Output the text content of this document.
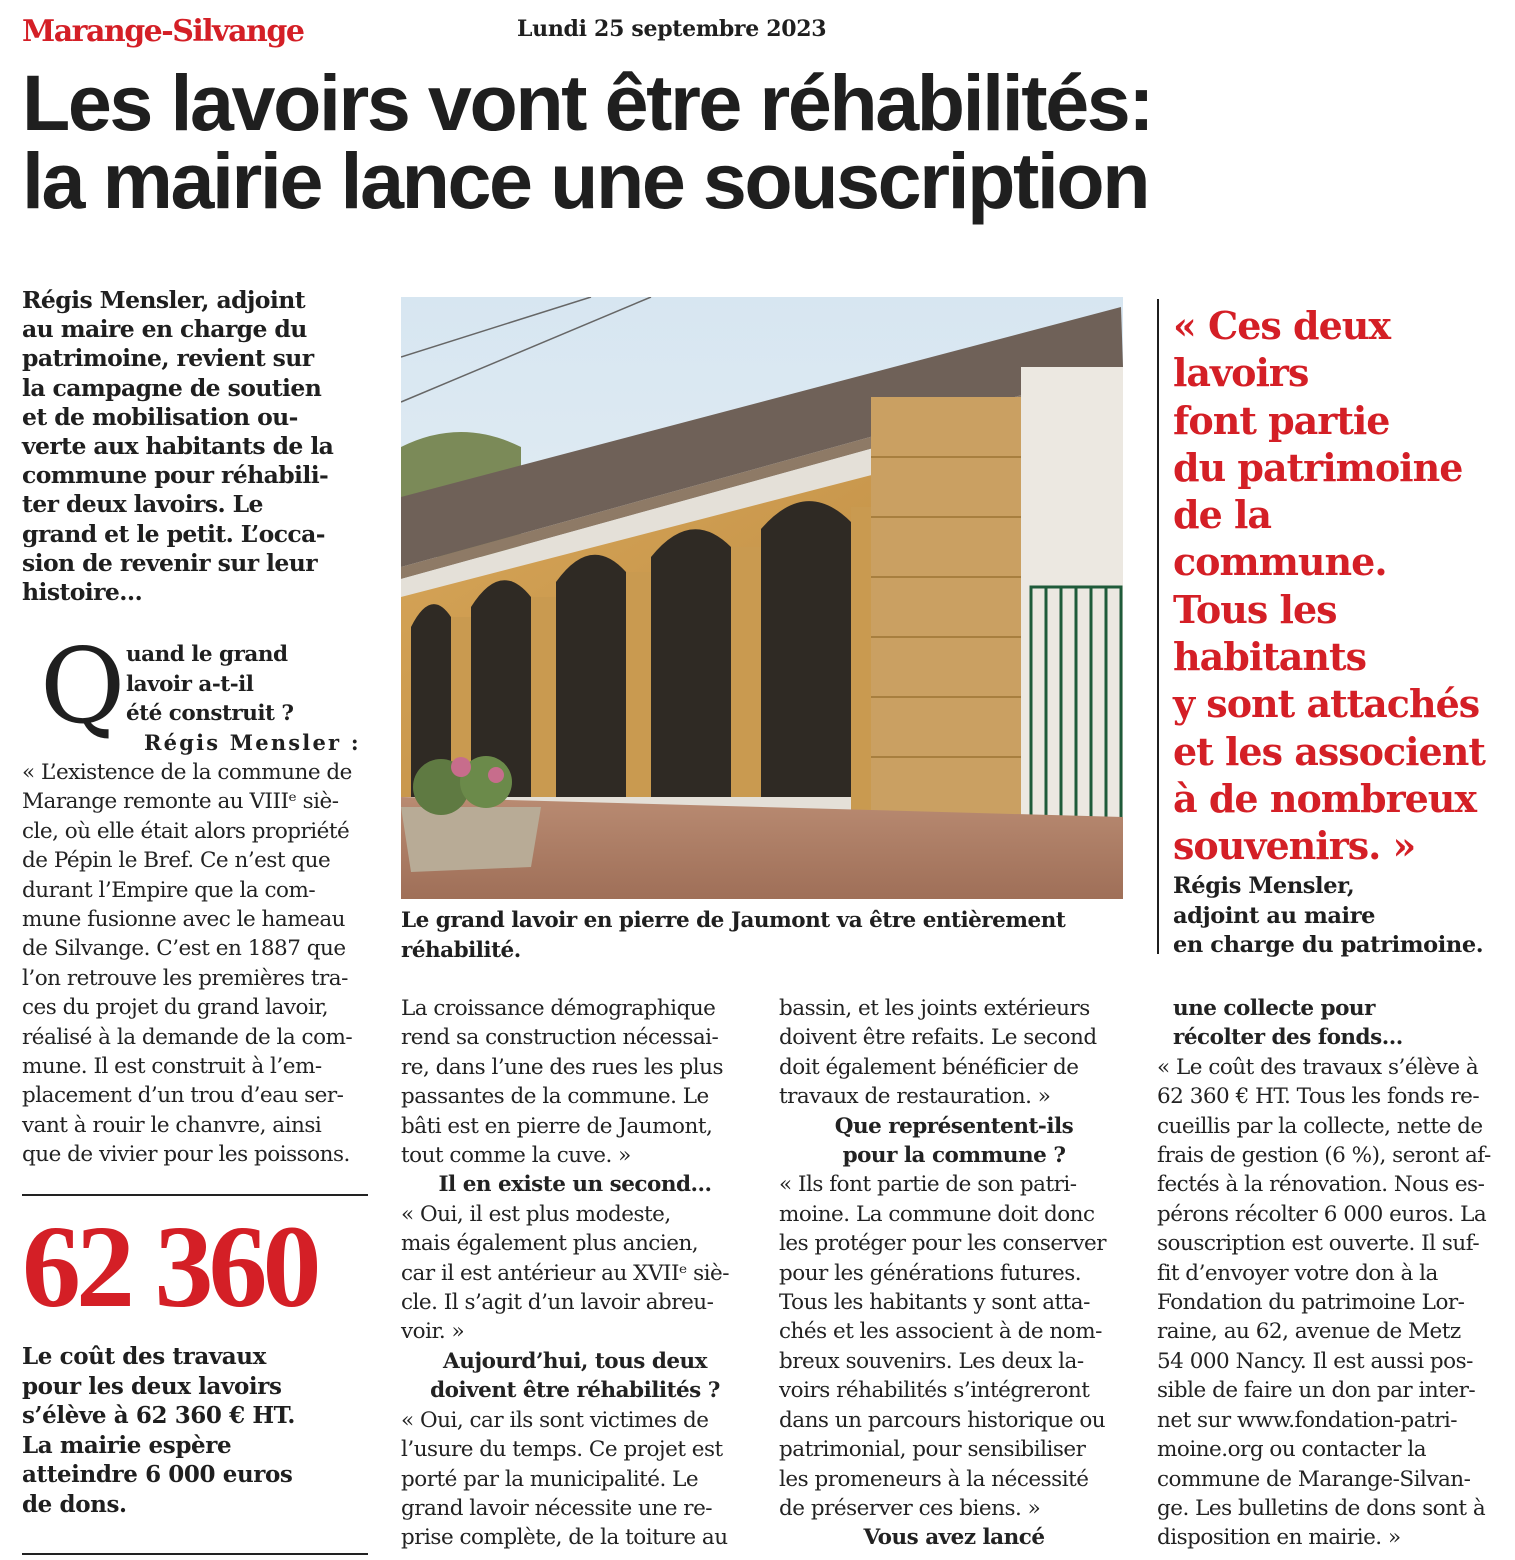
Marange-Silvange	Lundi 25 septembre 2023
Les lavoirs vont être réhabilités:
la mairie lance une souscription
Régis Mensler, adjoint
au maire en charge du
patrimoine, revient sur
la campagne de soutien
et de mobilisation ou-
verte aux habitants de la
commune pour réhabili-
ter deux lavoirs. Le
grand et le petit. L’occa-
sion de revenir sur leur
histoire…
Q uand le grand
lavoir a-t-il
été construit ?
Régis Mensler :
« L’existence de la commune de
Marange remonte au VIIIᵉ siè-
cle, où elle était alors propriété
de Pépin le Bref. Ce n’est que
durant l’Empire que la com-
mune fusionne avec le hameau
de Silvange. C’est en 1887 que
l’on retrouve les premières tra-
ces du projet du grand lavoir,
réalisé à la demande de la com-
mune. Il est construit à l’em-
placement d’un trou d’eau ser-
vant à rouir le chanvre, ainsi
que de vivier pour les poissons.
62 360
Le coût des travaux
pour les deux lavoirs
s’élève à 62 360 € HT.
La mairie espère
atteindre 6 000 euros
de dons.
Le grand lavoir en pierre de Jaumont va être entièrement
réhabilité.
« Ces deux
lavoirs
font partie
du patrimoine
de la
commune.
Tous les
habitants
y sont attachés
et les associent
à de nombreux
souvenirs. »
Régis Mensler,
adjoint au maire
en charge du patrimoine.
La croissance démographique
rend sa construction nécessai-
re, dans l’une des rues les plus
passantes de la commune. Le
bâti est en pierre de Jaumont,
tout comme la cuve. »
Il en existe un second…
« Oui, il est plus modeste,
mais également plus ancien,
car il est antérieur au XVIIᵉ siè-
cle. Il s’agit d’un lavoir abreu-
voir. »
Aujourd’hui, tous deux
doivent être réhabilités ?
« Oui, car ils sont victimes de
l’usure du temps. Ce projet est
porté par la municipalité. Le
grand lavoir nécessite une re-
prise complète, de la toiture au
bassin, et les joints extérieurs
doivent être refaits. Le second
doit également bénéficier de
travaux de restauration. »
Que représentent-ils
pour la commune ?
« Ils font partie de son patri-
moine. La commune doit donc
les protéger pour les conserver
pour les générations futures.
Tous les habitants y sont atta-
chés et les associent à de nom-
breux souvenirs. Les deux la-
voirs réhabilités s’intégreront
dans un parcours historique ou
patrimonial, pour sensibiliser
les promeneurs à la nécessité
de préserver ces biens. »
Vous avez lancé
une collecte pour
récolter des fonds…
« Le coût des travaux s’élève à
62 360 € HT. Tous les fonds re-
cueillis par la collecte, nette de
frais de gestion (6 %), seront af-
fectés à la rénovation. Nous es-
pérons récolter 6 000 euros. La
souscription est ouverte. Il suf-
fit d’envoyer votre don à la
Fondation du patrimoine Lor-
raine, au 62, avenue de Metz
54 000 Nancy. Il est aussi pos-
sible de faire un don par inter-
net sur www.fondation-patri-
moine.org ou contacter la
commune de Marange-Silvan-
ge. Les bulletins de dons sont à
disposition en mairie. »
